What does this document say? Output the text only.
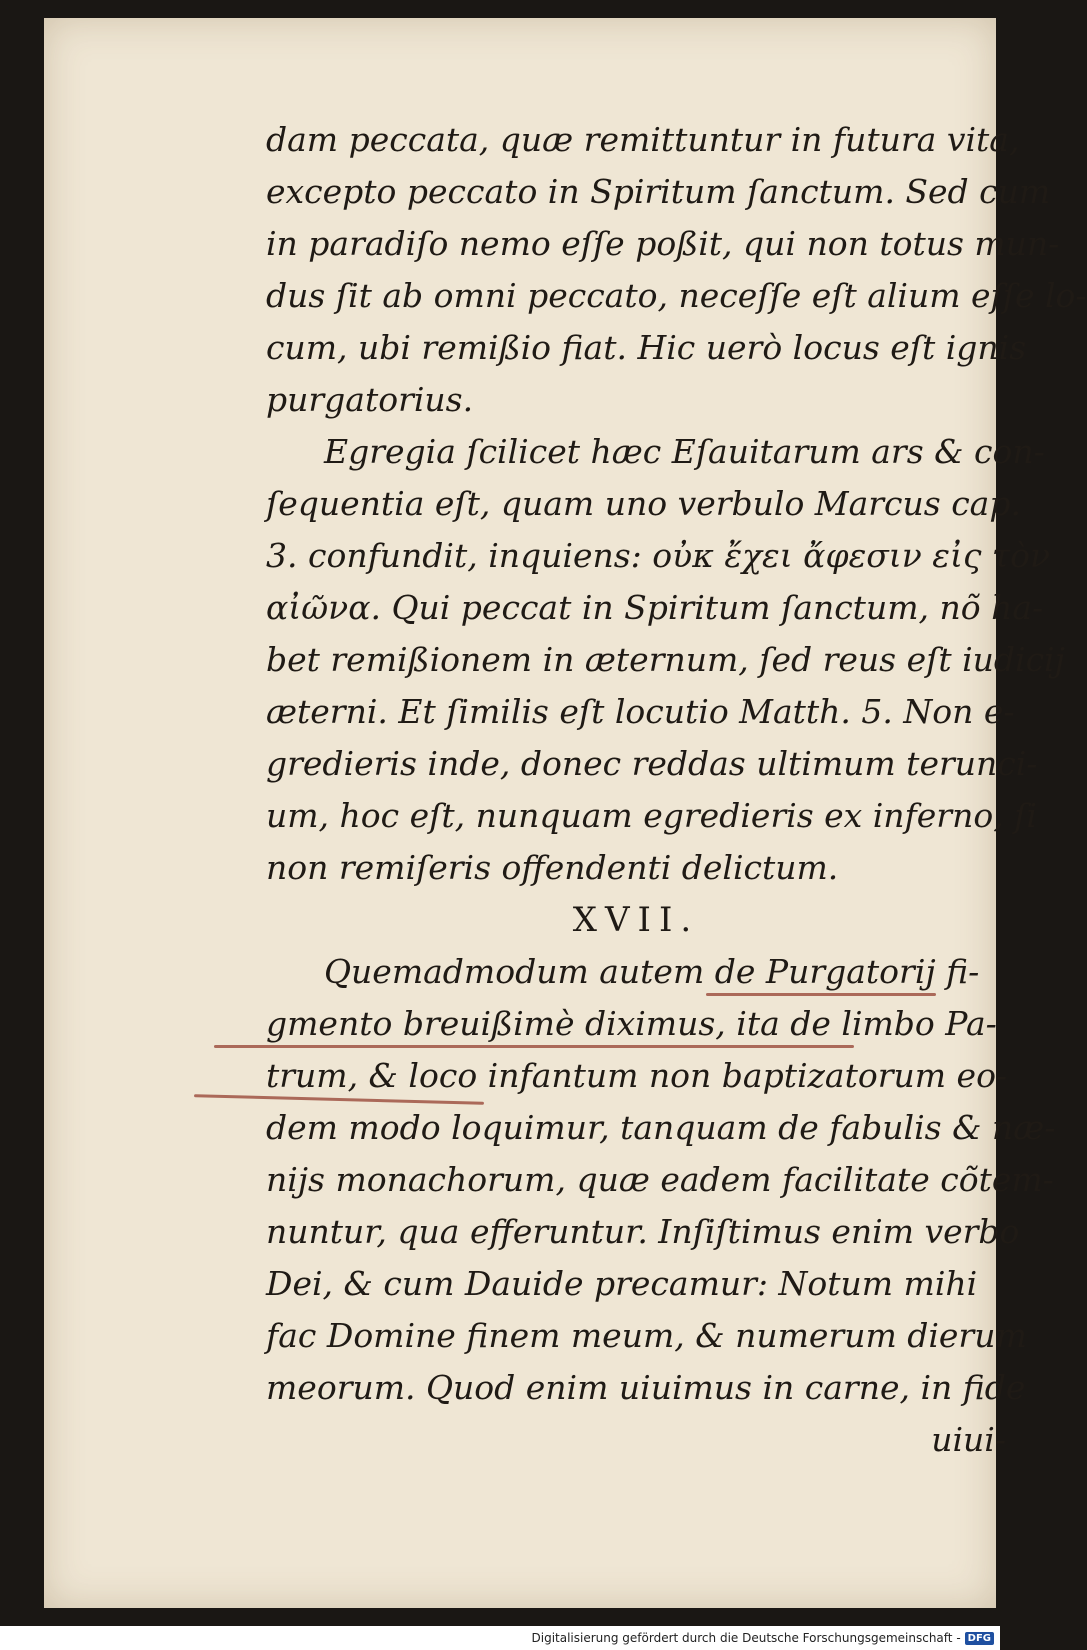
dam peccata, quæ remittuntur in futura vita,
excepto peccato in Spiritum ſanctum. Sed cum
in paradiſo nemo eſſe poßit, qui non totus mun-
dus ſit ab omni peccato, neceſſe eſt alium eſſe lo-
cum, ubi remißio fiat. Hic uerò locus eſt ignis
purgatorius.
Egregia ſcilicet hæc Eſauitarum ars & con-
ſequentia eſt, quam uno verbulo Marcus cap.
3. confundit, inquiens: οὐκ ἔχει ἄφεσιν εἰς τὸν
αἰῶνα. Qui peccat in Spiritum ſanctum, nõ ha-
bet remißionem in æternum, ſed reus eſt iudicij
æterni. Et ſimilis eſt locutio Matth. 5. Non e-
gredieris inde, donec reddas ultimum terunci-
um, hoc eſt, nunquam egredieris ex inferno, ſi
non remiſeris offendenti delictum.
XVII.
Quemadmodum autem de Purgatorij fi-
gmento breuißimè diximus, ita de limbo Pa-
trum, & loco infantum non baptizatorum eo-
dem modo loquimur, tanquam de fabulis & næ-
nijs monachorum, quæ eadem facilitate cõtem-
nuntur, qua efferuntur. Inſiſtimus enim verbo
Dei, & cum Dauide precamur: Notum mihi
fac Domine finem meum, & numerum dierum
meorum. Quod enim uiuimus in carne, in fide
uiui-
Digitalisierung gefördert durch die Deutsche Forschungsgemeinschaft - DFG
